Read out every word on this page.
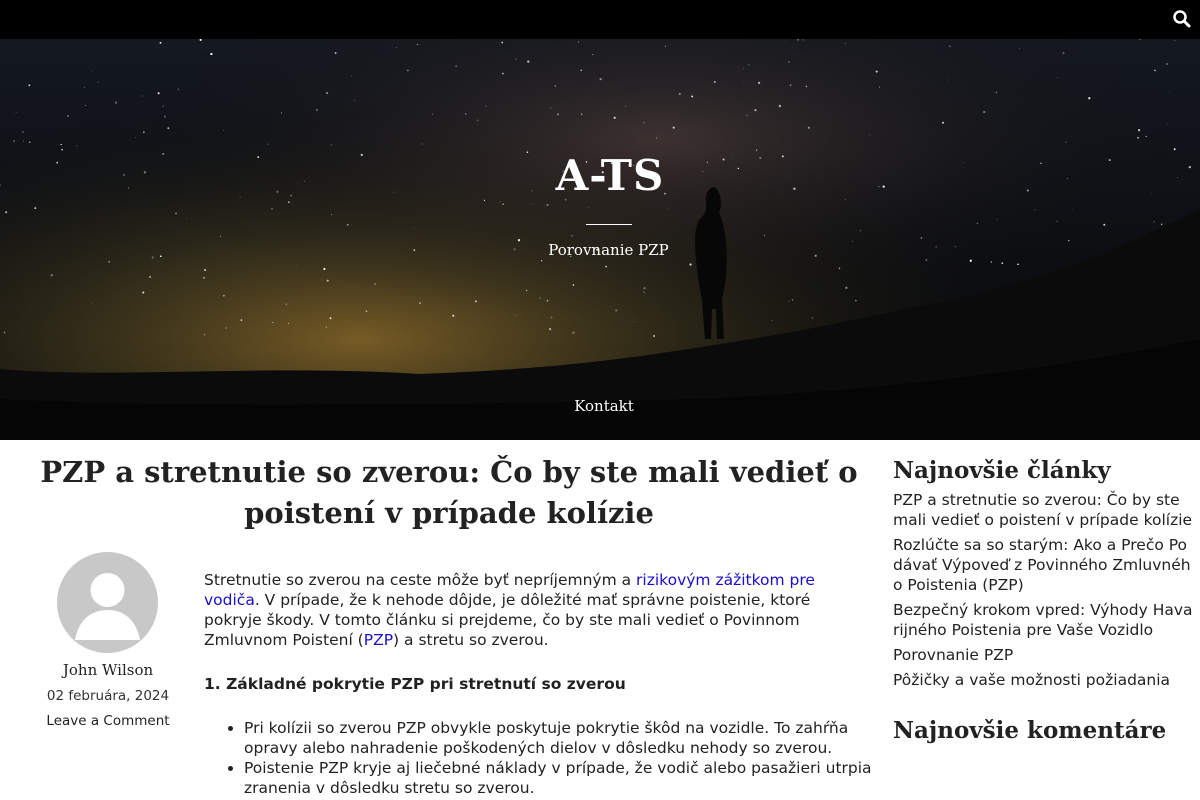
A-TS
Porovnanie PZP
Kontakt
PZP a stretnutie so zverou: Čo by ste mali vedieť o poistení v prípade kolízie
John Wilson
02 februára, 2024
Leave a Comment

Stretnutie so zverou na ceste môže byť nepríjemným a rizikovým zážitkom pre vodiča. V prípade, že k nehode dôjde, je dôležité mať správne poistenie, ktoré pokryje škody. V tomto článku si prejdeme, čo by ste mali vedieť o Povinnom Zmluvnom Poistení (PZP) a stretu so zverou.

1. Základné pokrytie PZP pri stretnutí so zverou
• Pri kolízii so zverou PZP obvykle poskytuje pokrytie škôd na vozidle. To zahŕňa opravy alebo nahradenie poškodených dielov v dôsledku nehody so zverou.
• Poistenie PZP kryje aj liečebné náklady v prípade, že vodič alebo pasažieri utrpia zranenia v dôsledku stretu so zverou.
Najnovšie články
PZP a stretnutie so zverou: Čo by ste mali vedieť o poistení v prípade kolízie
Rozlúčte sa so starým: Ako a Prečo Podávať Výpoveď z Povinného Zmluvného Poistenia (PZP)
Bezpečný krokom vpred: Výhody Havarijného Poistenia pre Vaše Vozidlo
Porovnanie PZP
Pôžičky a vaše možnosti požiadania
Najnovšie komentáre
